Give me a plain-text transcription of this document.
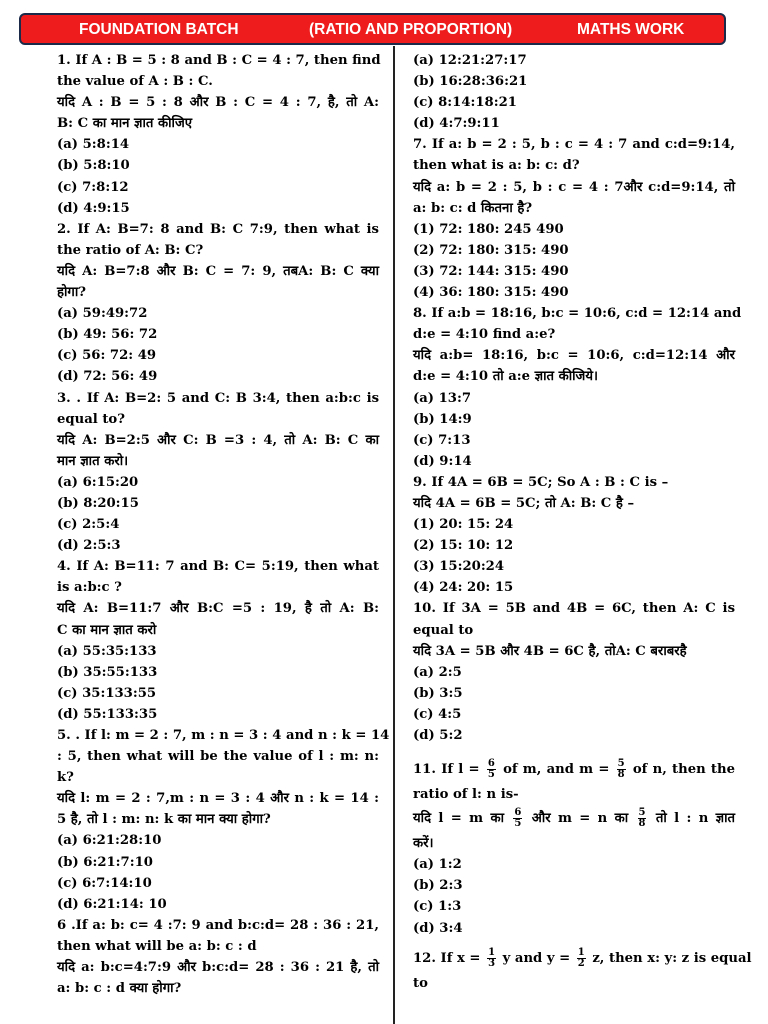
FOUNDATION BATCH	(RATIO AND PROPORTION)	MATHS WORK
1. If A : B = 5 : 8 and B : C = 4 : 7, then find
the value of A : B : C.
यदि A : B = 5 : 8 और B : C = 4 : 7, है, तो A:
B: C का मान ज्ञात कीजिए
(a) 5:8:14
(b) 5:8:10
(c) 7:8:12
(d) 4:9:15
2. If A: B=7: 8 and B: C 7:9, then what is
the ratio of A: B: C?
यदि A: B=7:8 और B: C = 7: 9, तबA: B: C क्या
होगा?
(a) 59:49:72
(b) 49: 56: 72
(c) 56: 72: 49
(d) 72: 56: 49
3. . If A: B=2: 5 and C: B 3:4, then a:b:c is
equal to?
यदि A: B=2:5 और C: B =3 : 4, तो A: B: C का
मान ज्ञात करो।
(a) 6:15:20
(b) 8:20:15
(c) 2:5:4
(d) 2:5:3
4. If A: B=11: 7 and B: C= 5:19, then what
is a:b:c ?
यदि A: B=11:7 और B:C =5 : 19, है तो A: B:
C का मान ज्ञात करो
(a) 55:35:133
(b) 35:55:133
(c) 35:133:55
(d) 55:133:35
5. . If l: m = 2 : 7, m : n = 3 : 4 and n : k = 14
: 5, then what will be the value of l : m: n:
k?
यदि l: m = 2 : 7,m : n = 3 : 4 और n : k = 14 :
5 है, तो l : m: n: k का मान क्या होगा?
(a) 6:21:28:10
(b) 6:21:7:10
(c) 6:7:14:10
(d) 6:21:14: 10
6 .If a: b: c= 4 :7: 9 and b:c:d= 28 : 36 : 21,
then what will be a: b: c : d
यदि a: b:c=4:7:9 और b:c:d= 28 : 36 : 21 है, तो
a: b: c : d क्या होगा?
(a) 12:21:27:17
(b) 16:28:36:21
(c) 8:14:18:21
(d) 4:7:9:11
7. If a: b = 2 : 5, b : c = 4 : 7 and c:d=9:14,
then what is a: b: c: d?
यदि a: b = 2 : 5, b : c = 4 : 7और c:d=9:14, तो
a: b: c: d कितना है?
(1) 72: 180: 245 490
(2) 72: 180: 315: 490
(3) 72: 144: 315: 490
(4) 36: 180: 315: 490
8. If a:b = 18:16, b:c = 10:6, c:d = 12:14 and
d:e = 4:10 find a:e?
यदि a:b= 18:16, b:c = 10:6, c:d=12:14 और
d:e = 4:10 तो a:e ज्ञात कीजिये।
(a) 13:7
(b) 14:9
(c) 7:13
(d) 9:14
9. If 4A = 6B = 5C; So A : B : C is –
यदि 4A = 6B = 5C; तो A: B: C है –
(1) 20: 15: 24
(2) 15: 10: 12
(3) 15:20:24
(4) 24: 20: 15
10. If 3A = 5B and 4B = 6C, then A: C is
equal to
यदि 3A = 5B और 4B = 6C है, तोA: C बराबरहै
(a) 2:5
(b) 3:5
(c) 4:5
(d) 5:2
11. If $l = \frac{6}{5}$ of m, and $m = \frac{5}{8}$ of n, then the
ratio of l: n is-
यदि l = m का $\frac{6}{5}$ और m = n का $\frac{5}{8}$ तो l : n ज्ञात
करें।
(a) 1:2
(b) 2:3
(c) 1:3
(d) 3:4
12. If $x = \frac{1}{3}$ y and $y = \frac{1}{2} z$, then x: y: z is equal
to
